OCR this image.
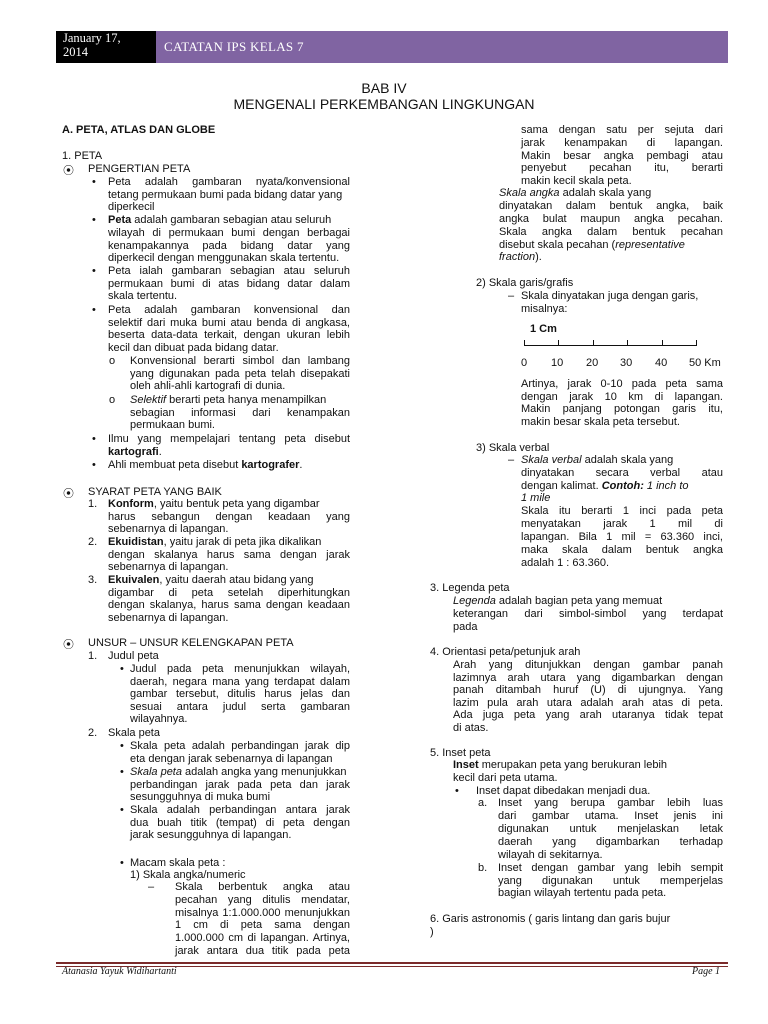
January 17,
2014	CATATAN IPS KELAS 7
BAB IV
MENGENALI PERKEMBANGAN LINGKUNGAN
A. PETA, ATLAS DAN GLOBE
1. PETA
⦿ PENGERTIAN PETA
• Peta adalah gambaran nyata/konvensional
tetang permukaan bumi pada bidang datar yang
diperkecil
• Peta adalah gambaran sebagian atau seluruh
wilayah di permukaan bumi dengan berbagai
kenampakannya pada bidang datar yang
diperkecil dengan menggunakan skala tertentu.
• Peta ialah gambaran sebagian atau seluruh
permukaan bumi di atas bidang datar dalam
skala tertentu.
• Peta adalah gambaran konvensional dan
selektif dari muka bumi atau benda di angkasa,
beserta data-data terkait, dengan ukuran lebih
kecil dan dibuat pada bidang datar.
o Konvensional berarti simbol dan lambang
yang digunakan pada peta telah disepakati
oleh ahli-ahli kartografi di dunia.
o Selektif berarti peta hanya menampilkan
sebagian informasi dari kenampakan
permukaan bumi.
• Ilmu yang mempelajari tentang peta disebut
kartografi.
• Ahli membuat peta disebut kartografer.
⦿ SYARAT PETA YANG BAIK
1. Konform, yaitu bentuk peta yang digambar
harus sebangun dengan keadaan yang
sebenarnya di lapangan.
2. Ekuidistan, yaitu jarak di peta jika dikalikan
dengan skalanya harus sama dengan jarak
sebenarnya di lapangan.
3. Ekuivalen, yaitu daerah atau bidang yang
digambar di peta setelah diperhitungkan
dengan skalanya, harus sama dengan keadaan
sebenarnya di lapangan.
⦿ UNSUR – UNSUR KELENGKAPAN PETA
1. Judul peta
• Judul pada peta menunjukkan wilayah,
daerah, negara mana yang terdapat dalam
gambar tersebut, ditulis harus jelas dan
sesuai antara judul serta gambaran
wilayahnya.
2. Skala peta
• Skala peta adalah perbandingan jarak dip
eta dengan jarak sebenarnya di lapangan
• Skala peta adalah angka yang menunjukkan
perbandingan jarak pada peta dan jarak
sesungguhnya di muka bumi
• Skala adalah perbandingan antara jarak
dua buah titik (tempat) di peta dengan
jarak sesungguhnya di lapangan.
• Macam skala peta :
1) Skala angka/numeric
– Skala berbentuk angka atau
pecahan yang ditulis mendatar,
misalnya 1:1.000.000 menunjukkan
1 cm di peta sama dengan
1.000.000 cm di lapangan. Artinya,
jarak antara dua titik pada peta
sama dengan satu per sejuta dari
jarak kenampakan di lapangan.
Makin besar angka pembagi atau
penyebut pecahan itu, berarti
makin kecil skala peta.
Skala angka adalah skala yang
dinyatakan dalam bentuk angka, baik
angka bulat maupun angka pecahan.
Skala angka dalam bentuk pecahan
disebut skala pecahan (representative
fraction).
2) Skala garis/grafis
– Skala dinyatakan juga dengan garis,
misalnya:
1 Cm
0 10 20 30 40 50 Km
Artinya, jarak 0-10 pada peta sama
dengan jarak 10 km di lapangan.
Makin panjang potongan garis itu,
makin besar skala peta tersebut.
3) Skala verbal
– Skala verbal adalah skala yang
dinyatakan secara verbal atau
dengan kalimat. Contoh: 1 inch to
1 mile
Skala itu berarti 1 inci pada peta
menyatakan jarak 1 mil di
lapangan. Bila 1 mil = 63.360 inci,
maka skala dalam bentuk angka
adalah 1 : 63.360.
3. Legenda peta
Legenda adalah bagian peta yang memuat
keterangan dari simbol-simbol yang terdapat
pada
4. Orientasi peta/petunjuk arah
Arah yang ditunjukkan dengan gambar panah
lazimnya arah utara yang digambarkan dengan
panah ditambah huruf (U) di ujungnya. Yang
lazim pula arah utara adalah arah atas di peta.
Ada juga peta yang arah utaranya tidak tepat
di atas.
5. Inset peta
Inset merupakan peta yang berukuran lebih
kecil dari peta utama.
• Inset dapat dibedakan menjadi dua.
a. Inset yang berupa gambar lebih luas
dari gambar utama. Inset jenis ini
digunakan untuk menjelaskan letak
daerah yang digambarkan terhadap
wilayah di sekitarnya.
b. Inset dengan gambar yang lebih sempit
yang digunakan untuk memperjelas
bagian wilayah tertentu pada peta.
6. Garis astronomis ( garis lintang dan garis bujur
)
Atanasia Yayuk Widihartanti	Page 1
